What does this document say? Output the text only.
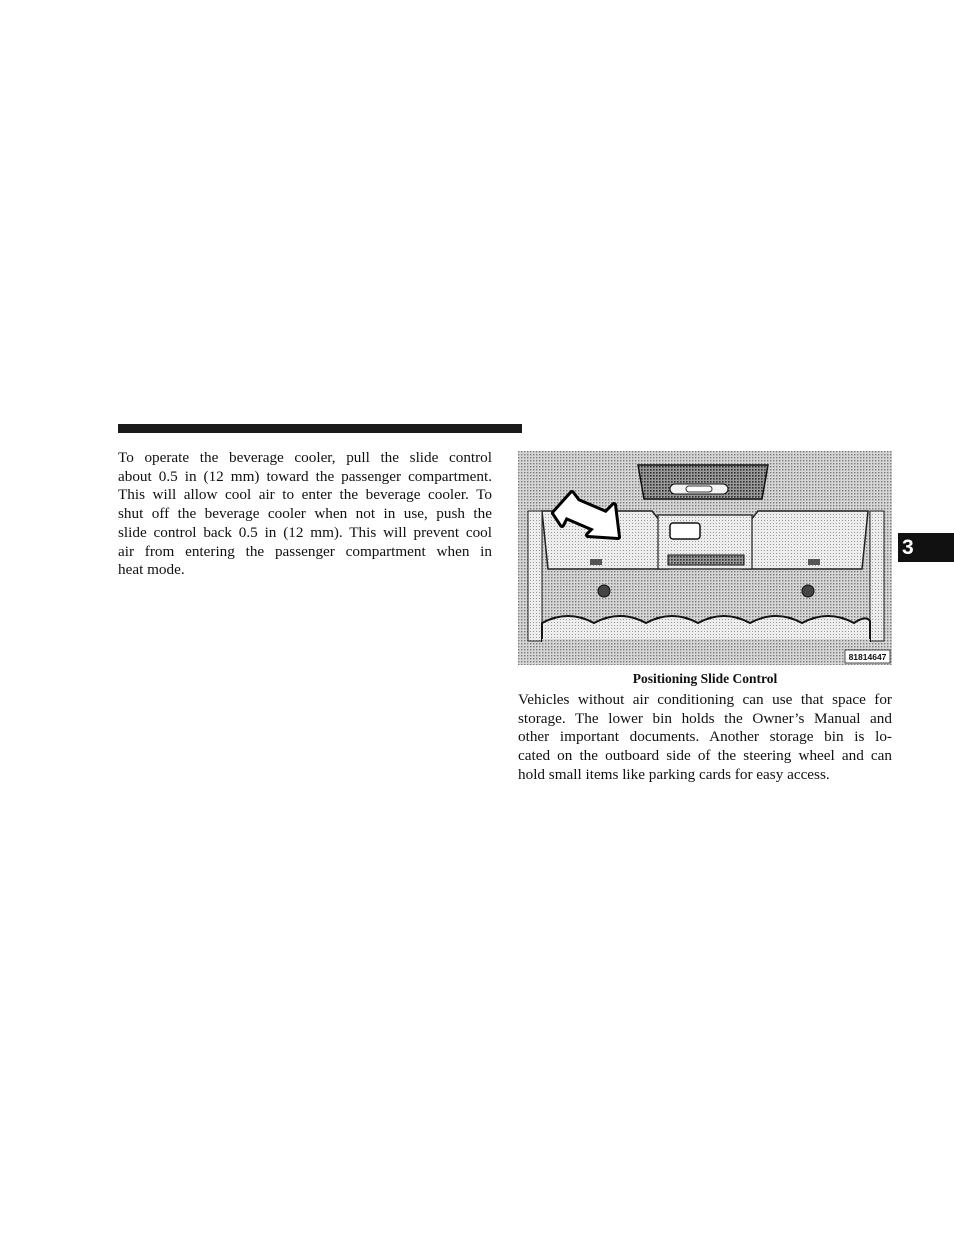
To operate the beverage cooler, pull the slide control
about 0.5 in (12 mm) toward the passenger compartment.
This will allow cool air to enter the beverage cooler. To
shut off the beverage cooler when not in use, push the
slide control back 0.5 in (12 mm). This will prevent cool
air from entering the passenger compartment when in
heat mode.

81814647
Positioning Slide Control

Vehicles without air conditioning can use that space for
storage. The lower bin holds the Owner’s Manual and
other important documents. Another storage bin is lo-
cated on the outboard side of the steering wheel and can
hold small items like parking cards for easy access.

3
